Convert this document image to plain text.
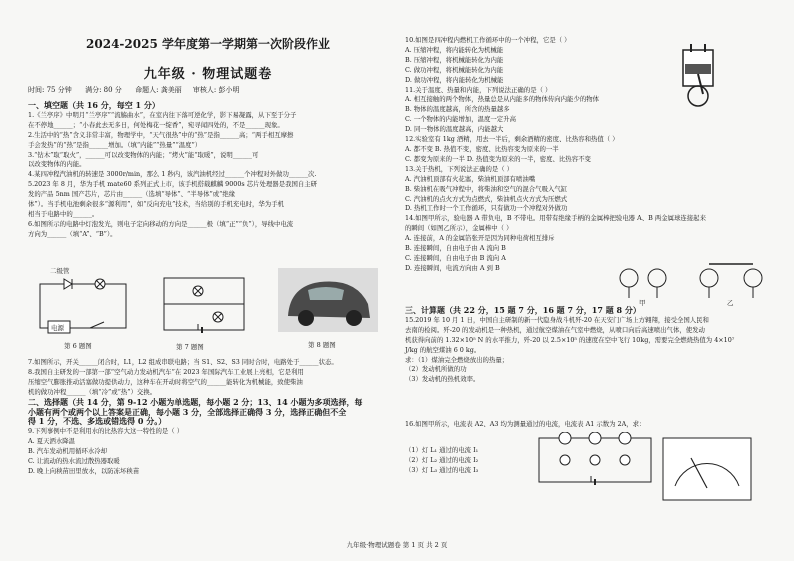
2024-2025 学年度第一学期第一次阶段作业
九年级 · 物理试题卷
时间: 75 分钟 满分: 80 分 命题人: 龚美丽 审核人: 彭小明
一、填空题（共 16 分，每空 1 分）
1.《兰亭序》中明月“兰亭序”“流觞曲水”，在室内往下落可逆化学，影下易凝露，从下至于分子
在不停地______；“小春此去无多日，何处梅花一绽香”，宛寻闻四处的，不是______现象。
2.生活中的“热”含义非常丰富，物理学中，“天气很热”中的“热”是指______高；“两手相互摩擦
手会发热”的“热”是指______增加。（填“内能”“热量”“温度”）
3.“钻木”取“取火”，______可以改变物体的内能；“烤火”能“取暖”，说明______可
以改变物体的内能。
4.某四冲程汽油机的转速是 3000r/min，那么 1 秒内，该汽油机经过______个冲程对外做功______次.
5.2023 年 8 月，华为手机 mate60 系列正式上市，该手机搭载麒麟 9000s 芯片处理器是我国自主研
发的产品 5nm 国产芯片，芯片由______（选填“导体”、“半导体”或“绝缘
体”）。当手机电池剩余很多“源利用”，如“反向充电”技术，当给别的手机充电时，华为手机
相当于电路中的______。
6.如图所示的电路中灯泡发光，则电子定向移动的方向是______极（填“正”“负”），导线中电流
方向为______（填“A”、“B”）。
二级管
电源
第 6 题图	第 7 题图	第 8 题图
7.如图所示，开关______闭合时，L1，L2 组成串联电路；当 S1、S2、S3 同时合时，电路处于______状态。
8.我国自主研发的一部第一部“空气动力发动机汽车”在 2023 年国际汽车工业展上亮相，它是利用
压缩空气膨胀推动活塞做功提供动力，这种车在开动时将空气的______能转化为机械能，致使柴油
机的做功冲程______（填“冷”或“热”）交换。
二、选择题（共 14 分，第 9-12 小题为单选题，每小题 2 分；13、14 小题为多项选择，每
小题有两个或两个以上答案是正确，每小题 3 分，全部选择正确得 3 分，选择正确但不全
得 1 分，不选、多选或错选得 0 分。）
9.下列事例中不是利用水的比热容大这一特性的是（ ）
A. 夏天洒水降温
B. 汽车发动机用循环水冷却
C. 让流动的热水流过散热器取暖
D. 晚上向秧苗田里放水，以防冻坏秧苗
10.如图是四冲程内燃机工作循环中的一个冲程，它是（ ）
A. 压缩冲程，将内能转化为机械能
B. 压缩冲程，将机械能转化为内能
C. 做功冲程，将机械能转化为内能
D. 做功冲程，将内能转化为机械能
11.关于温度、热量和内能，下列说法正确的是（ ）
A. 相互接触的两个物体，热量总是从内能多的物体传向内能少的物体
B. 物体的温度越高，所含的热量越多
C. 一个物体的内能增加，温度一定升高
D. 同一物体的温度越高，内能越大
12.实验室有 1kg 酒精，用去一半后，剩余酒精的密度、比热容和热值（ ）
A. 都不变 B. 热值不变，密度、比热容变为原来的一半
C. 都变为原来的一半 D. 热值变为原来的一半，密度、比热容不变
13.关于热机，下列说法正确的是（ ）
A. 汽油机顶部有火花塞，柴油机顶部有喷油嘴
B. 柴油机在吸气冲程中，将柴油和空气的混合气吸入气缸
C. 汽油机的点火方式为点燃式，柴油机点火方式为压燃式
D. 热机工作时一个工作循环，只有做功一个冲程对外做功
14.如图甲所示，验电器 A 带负电，B 不带电。用带有绝缘手柄的金属棒把验电器 A、B 两金属球连接起来
的瞬间（如图乙所示），金属棒中（ ）
A. 连接前，A 的金属箔张开是因为同种电荷相互排斥
B. 连接瞬间，自由电子由 A 流向 B
C. 连接瞬间，自由电子由 B 流向 A
D. 连接瞬间，电流方向由 A 到 B
甲	乙
三、计算题（共 22 分，15 题 7 分，16 题 7 分，17 题 8 分）
15.2019 年 10 月 1 日，中国自主研制的新一代隐身战斗机歼-20 在天安门广场上方翱翔，接受全国人民和
去南的检阅。歼-20 的发动机是一种热机，通过航空煤油在气室中燃烧，从喷口向后高速喷出气体，使发动
机获得向前的 1.32×10⁵ N 的水平推力，歼-20 以 2.5×10⁵ 的速度在空中飞行 10kg，需要完全燃烧热值为 4×10⁷
J/kg 的航空煤油 6 0 kg。
求：（1）煤油完全燃烧放出的热量；
（2）发动机所做的功
（3）发动机的热机效率。
16.如图甲所示，电流表 A2、A3 均为测量通过的电流，电流表 A1 示数为 2A，求：
（1）灯 L₁ 通过的电流 I₁
（2）灯 L₂ 通过的电流 I₂
（3）灯 L₃ 通过的电流 I₃
九年级·物理试题卷 第 1 页 共 2 页
